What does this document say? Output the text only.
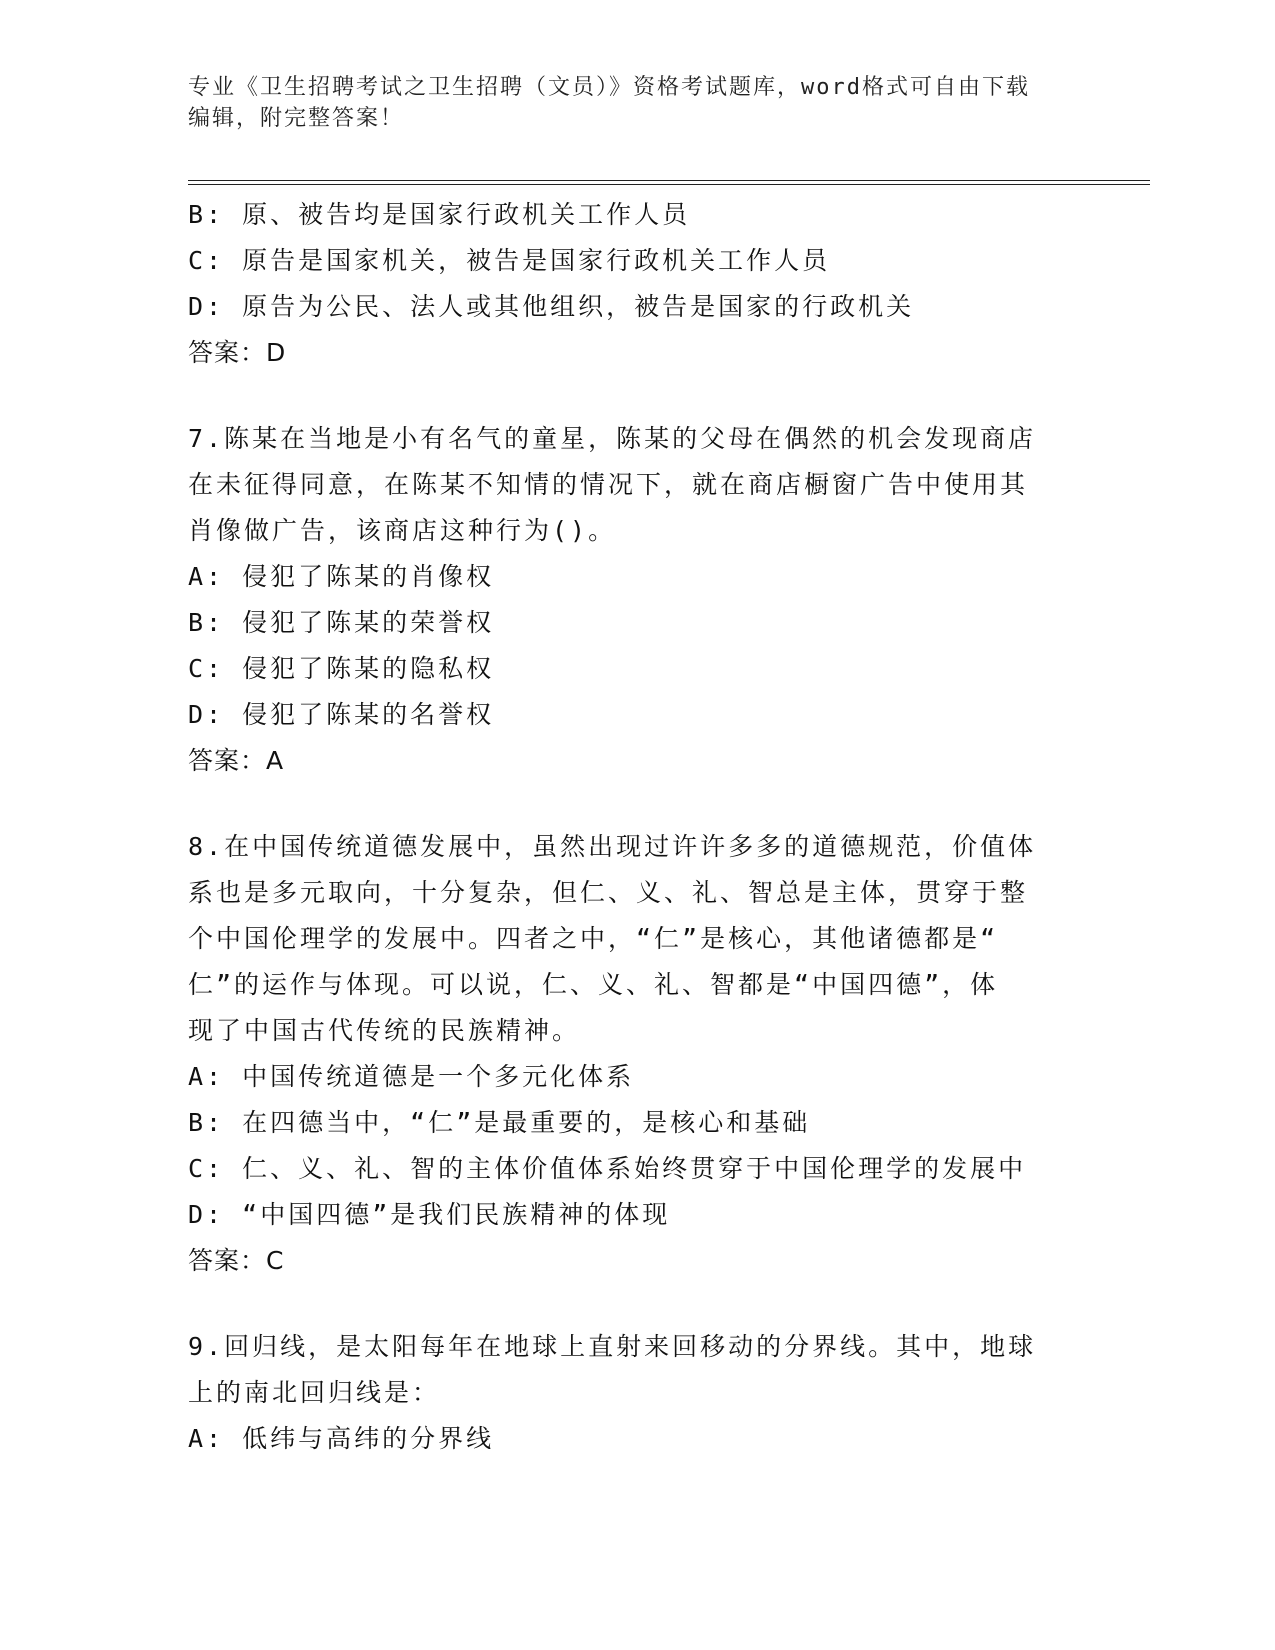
专业《卫生招聘考试之卫生招聘（文员）》资格考试题库，word格式可自由下载
编辑，附完整答案！
B: 原、被告均是国家行政机关工作人员
C: 原告是国家机关，被告是国家行政机关工作人员
D: 原告为公民、法人或其他组织，被告是国家的行政机关
答案：D
7.陈某在当地是小有名气的童星，陈某的父母在偶然的机会发现商店
在未征得同意，在陈某不知情的情况下，就在商店橱窗广告中使用其
肖像做广告，该商店这种行为()。
A: 侵犯了陈某的肖像权
B: 侵犯了陈某的荣誉权
C: 侵犯了陈某的隐私权
D: 侵犯了陈某的名誉权
答案：A
8.在中国传统道德发展中，虽然出现过许许多多的道德规范，价值体
系也是多元取向，十分复杂，但仁、义、礼、智总是主体，贯穿于整
个中国伦理学的发展中。四者之中，“仁”是核心，其他诸德都是“
仁”的运作与体现。可以说，仁、义、礼、智都是“中国四德”，体
现了中国古代传统的民族精神。
A: 中国传统道德是一个多元化体系
B: 在四德当中，“仁”是最重要的，是核心和基础
C: 仁、义、礼、智的主体价值体系始终贯穿于中国伦理学的发展中
D: “中国四德”是我们民族精神的体现
答案：C
9.回归线，是太阳每年在地球上直射来回移动的分界线。其中，地球
上的南北回归线是：
A: 低纬与高纬的分界线
